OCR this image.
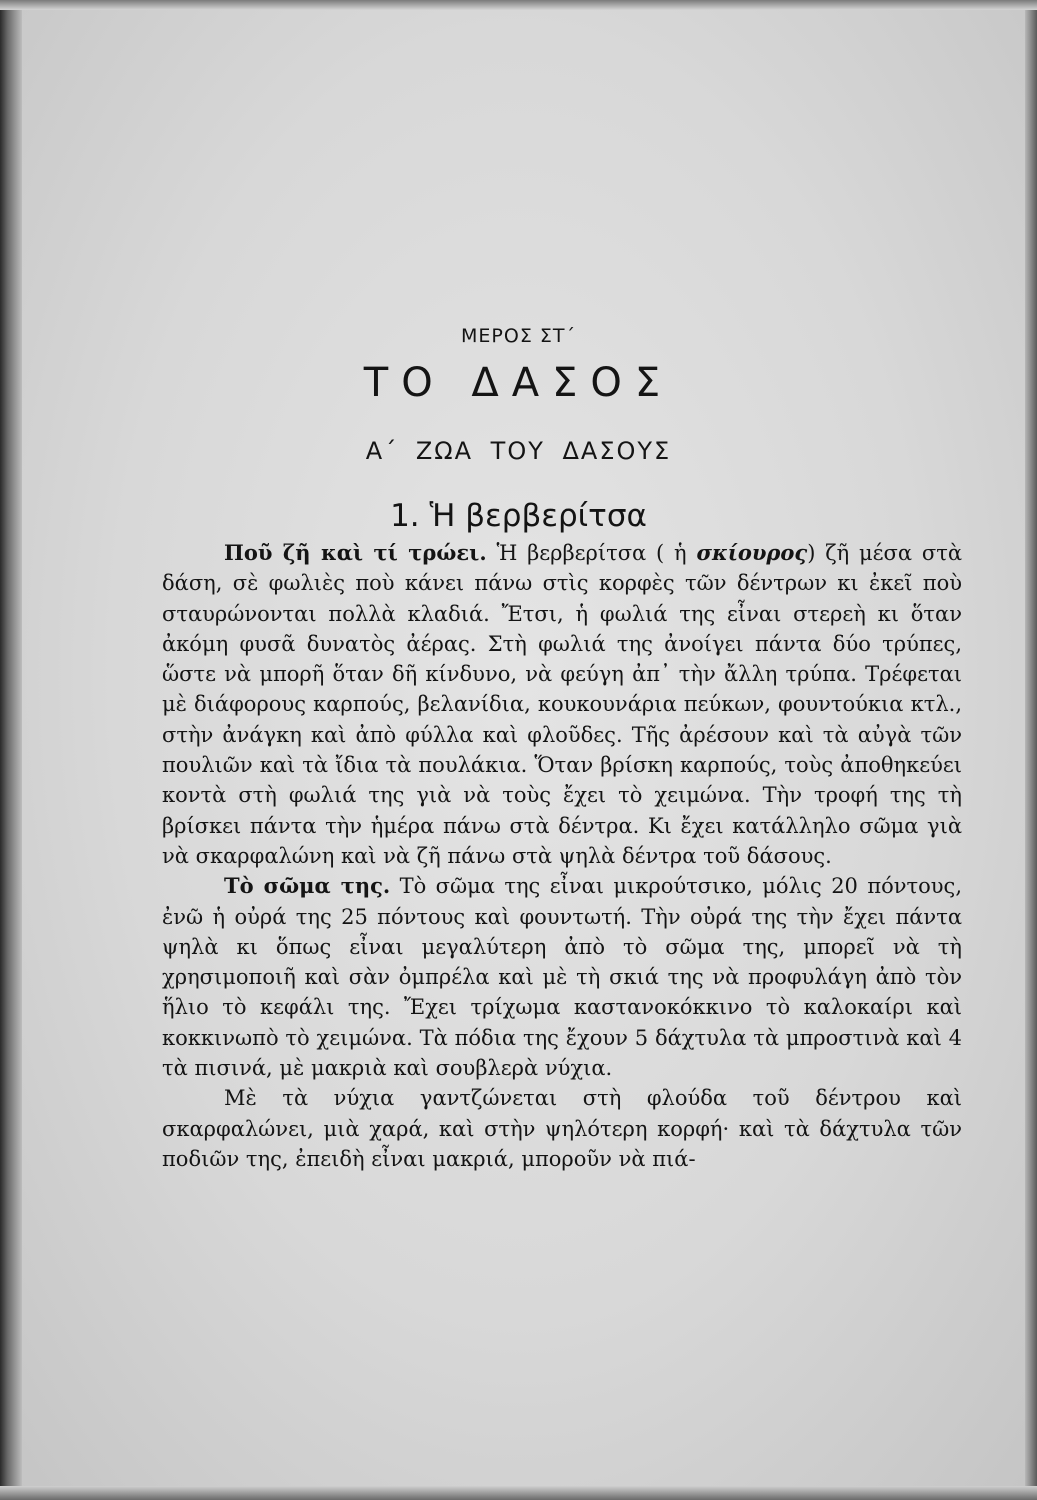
ΜΕΡΟΣ ΣΤ΄
ΤΟ ΔΑΣΟΣ
Α΄ ΖΩΑ ΤΟΥ ΔΑΣΟΥΣ
1. Ἡ βερβερίτσα

Ποῦ ζῆ καὶ τί τρώει. Ἡ βερβερίτσα ( ἡ σκίουρος) ζῆ μέσα στὰ δάση, σὲ φωλιὲς ποὺ κάνει πάνω στὶς κορφὲς τῶν δέντρων κι ἐκεῖ ποὺ σταυρώνονται πολλὰ κλαδιά. Ἔτσι, ἡ φωλιά της εἶναι στερεὴ κι ὅταν ἀκόμη φυσᾶ δυνατὸς ἀέρας. Στὴ φωλιά της ἀνοίγει πάντα δύο τρύπες, ὥστε νὰ μπορῆ ὅταν δῆ κίνδυνο, νὰ φεύγη ἀπ᾽ τὴν ἄλλη τρύπα. Τρέφεται μὲ διάφορους καρπούς, βελανίδια, κουκουνάρια πεύκων, φουντούκια κτλ., στὴν ἀνάγκη καὶ ἀπὸ φύλλα καὶ φλοῦδες. Τῆς ἀρέσουν καὶ τὰ αὐγὰ τῶν πουλιῶν καὶ τὰ ἴδια τὰ πουλάκια. Ὅταν βρίσκη καρπούς, τοὺς ἀποθηκεύει κοντὰ στὴ φωλιά της γιὰ νὰ τοὺς ἔχει τὸ χειμώνα. Τὴν τροφή της τὴ βρίσκει πάντα τὴν ἡμέρα πάνω στὰ δέντρα. Κι ἔχει κατάλληλο σῶμα γιὰ νὰ σκαρφαλώνη καὶ νὰ ζῆ πάνω στὰ ψηλὰ δέντρα τοῦ δάσους.

Τὸ σῶμα της. Τὸ σῶμα της εἶναι μικρούτσικο, μόλις 20 πόντους, ἐνῶ ἡ οὐρά της 25 πόντους καὶ φουντωτή. Τὴν οὐρά της τὴν ἔχει πάντα ψηλὰ κι ὅπως εἶναι μεγαλύτερη ἀπὸ τὸ σῶμα της, μπορεῖ νὰ τὴ χρησιμοποιῆ καὶ σὰν ὀμπρέλα καὶ μὲ τὴ σκιά της νὰ προφυλάγη ἀπὸ τὸν ἥλιο τὸ κεφάλι της. Ἔχει τρίχωμα καστανοκόκκινο τὸ καλοκαίρι καὶ κοκκινωπὸ τὸ χειμώνα. Τὰ πόδια της ἔχουν 5 δάχτυλα τὰ μπροστινὰ καὶ 4 τὰ πισινά, μὲ μακριὰ καὶ σουβλερὰ νύχια.

Μὲ τὰ νύχια γαντζώνεται στὴ φλούδα τοῦ δέντρου καὶ σκαρφαλώνει, μιὰ χαρά, καὶ στὴν ψηλότερη κορφή· καὶ τὰ δάχτυλα τῶν ποδιῶν της, ἐπειδὴ εἶναι μακριά, μποροῦν νὰ πιά-
